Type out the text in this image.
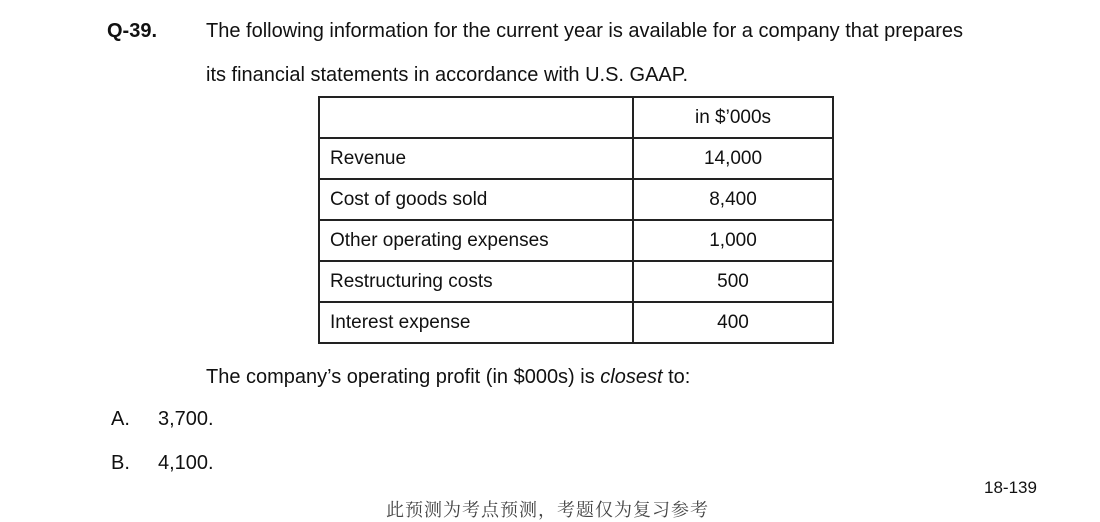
Q-39. The following information for the current year is available for a company that prepares
its financial statements in accordance with U.S. GAAP.
	in $’000s
Revenue	14,000
Cost of goods sold	8,400
Other operating expenses	1,000
Restructuring costs	500
Interest expense	400
The company’s operating profit (in $000s) is closest to:
A. 3,700.
B. 4,100.
18-139
此预测为考点预测，考题仅为复习参考
